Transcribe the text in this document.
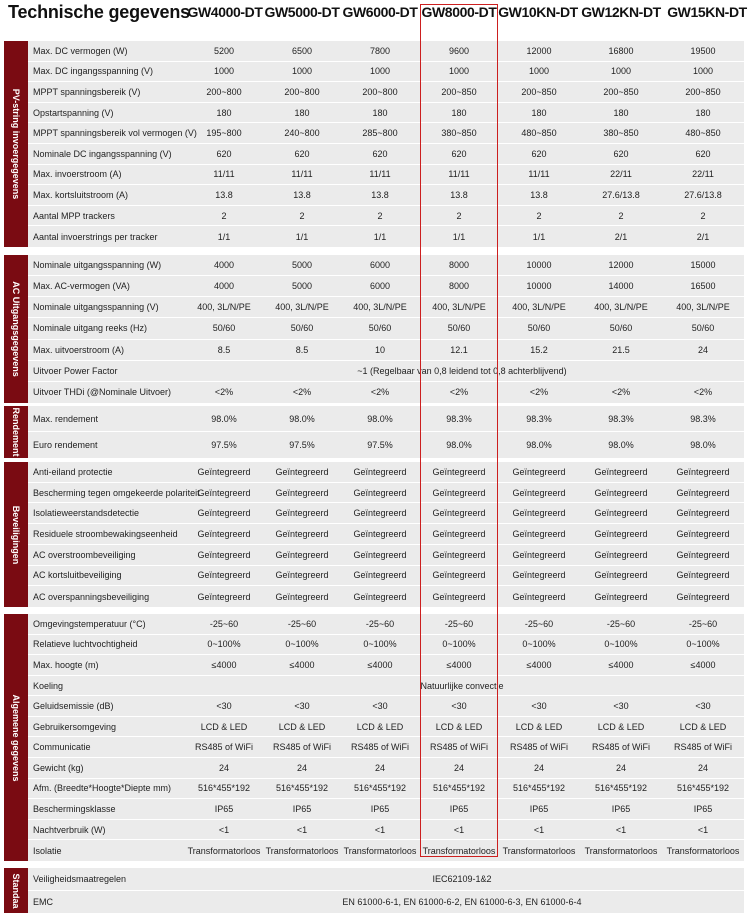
Technische gegevens
GW4000-DT GW5000-DT GW6000-DT GW8000-DT GW10KN-DT GW12KN-DT GW15KN-DT
PV-string invoergegevens
Max. DC vermogen (W)	5200	6500	7800	9600	12000	16800	19500
Max. DC ingangsspanning (V)	1000	1000	1000	1000	1000	1000	1000
MPPT spanningsbereik (V)	200~800	200~800	200~800	200~850	200~850	200~850	200~850
Opstartspanning (V)	180	180	180	180	180	180	180
MPPT spanningsbereik vol vermogen (V)	195~800	240~800	285~800	380~850	480~850	380~850	480~850
Nominale DC ingangsspanning (V)	620	620	620	620	620	620	620
Max. invoerstroom (A)	11/11	11/11	11/11	11/11	11/11	22/11	22/11
Max. kortsluitstroom (A)	13.8	13.8	13.8	13.8	13.8	27.6/13.8	27.6/13.8
Aantal MPP trackers	2	2	2	2	2	2	2
Aantal invoerstrings per tracker	1/1	1/1	1/1	1/1	1/1	2/1	2/1
AC Uitgangsgegevens
Nominale uitgangsspanning (W)	4000	5000	6000	8000	10000	12000	15000
Max. AC-vermogen (VA)	4000	5000	6000	8000	10000	14000	16500
Nominale uitgangsspanning (V)	400, 3L/N/PE	400, 3L/N/PE	400, 3L/N/PE	400, 3L/N/PE	400, 3L/N/PE	400, 3L/N/PE	400, 3L/N/PE
Nominale uitgang reeks (Hz)	50/60	50/60	50/60	50/60	50/60	50/60	50/60
Max. uitvoerstroom (A)	8.5	8.5	10	12.1	15.2	21.5	24
Uitvoer Power Factor	~1 (Regelbaar van 0,8 leidend tot 0,8 achterblijvend)
Uitvoer THDi (@Nominale Uitvoer)	<2%	<2%	<2%	<2%	<2%	<2%	<2%
Rendement Max. rendement	98.0%	98.0%	98.0%	98.3%	98.3%	98.3%	98.3%
Euro rendement	97.5%	97.5%	97.5%	98.0%	98.0%	98.0%	98.0%
Beveiligingen
Anti-eiland protectie	Geïntegreerd	Geïntegreerd	Geïntegreerd	Geïntegreerd	Geïntegreerd	Geïntegreerd	Geïntegreerd
Bescherming tegen omgekeerde polariteit
Geïntegreerd	Geïntegreerd	Geïntegreerd	Geïntegreerd	Geïntegreerd	Geïntegreerd	Geïntegreerd
Isolatieweerstandsdetectie	Geïntegreerd	Geïntegreerd	Geïntegreerd	Geïntegreerd	Geïntegreerd	Geïntegreerd	Geïntegreerd
Residuele stroombewakingseenheid	Geïntegreerd	Geïntegreerd	Geïntegreerd	Geïntegreerd	Geïntegreerd	Geïntegreerd	Geïntegreerd
AC overstroombeveiliging	Geïntegreerd	Geïntegreerd	Geïntegreerd	Geïntegreerd	Geïntegreerd	Geïntegreerd	Geïntegreerd
AC kortsluitbeveiliging	Geïntegreerd	Geïntegreerd	Geïntegreerd	Geïntegreerd	Geïntegreerd	Geïntegreerd	Geïntegreerd
AC overspanningsbeveiliging	Geïntegreerd	Geïntegreerd	Geïntegreerd	Geïntegreerd	Geïntegreerd	Geïntegreerd	Geïntegreerd
Algemene gegevens
Omgevingstemperatuur (°C)	-25~60	-25~60	-25~60	-25~60	-25~60	-25~60	-25~60
Relatieve luchtvochtigheid	0~100%	0~100%	0~100%	0~100%	0~100%	0~100%	0~100%
Max. hoogte (m)	≤4000	≤4000	≤4000	≤4000	≤4000	≤4000	≤4000
Koeling	Natuurlijke convectie
Geluidsemissie (dB)	<30	<30	<30	<30	<30	<30	<30
Gebruikersomgeving	LCD & LED	LCD & LED	LCD & LED	LCD & LED	LCD & LED	LCD & LED	LCD & LED
Communicatie	RS485 of WiFi	RS485 of WiFi	RS485 of WiFi	RS485 of WiFi	RS485 of WiFi	RS485 of WiFi	RS485 of WiFi
Gewicht (kg)	24	24	24	24	24	24	24
Afm. (Breedte*Hoogte*Diepte mm)	516*455*192	516*455*192	516*455*192	516*455*192	516*455*192	516*455*192	516*455*192
Beschermingsklasse	IP65	IP65	IP65	IP65	IP65	IP65	IP65
Nachtverbruik (W)	<1	<1	<1	<1	<1	<1	<1
Isolatie	Transformatorloos Transformatorloos Transformatorloos Transformatorloos Transformatorloos	Transformatorloos	Transformatorloos
Standaa Veiligheidsmaatregelen	IEC62109-1&2
EMC	EN 61000-6-1, EN 61000-6-2, EN 61000-6-3, EN 61000-6-4
